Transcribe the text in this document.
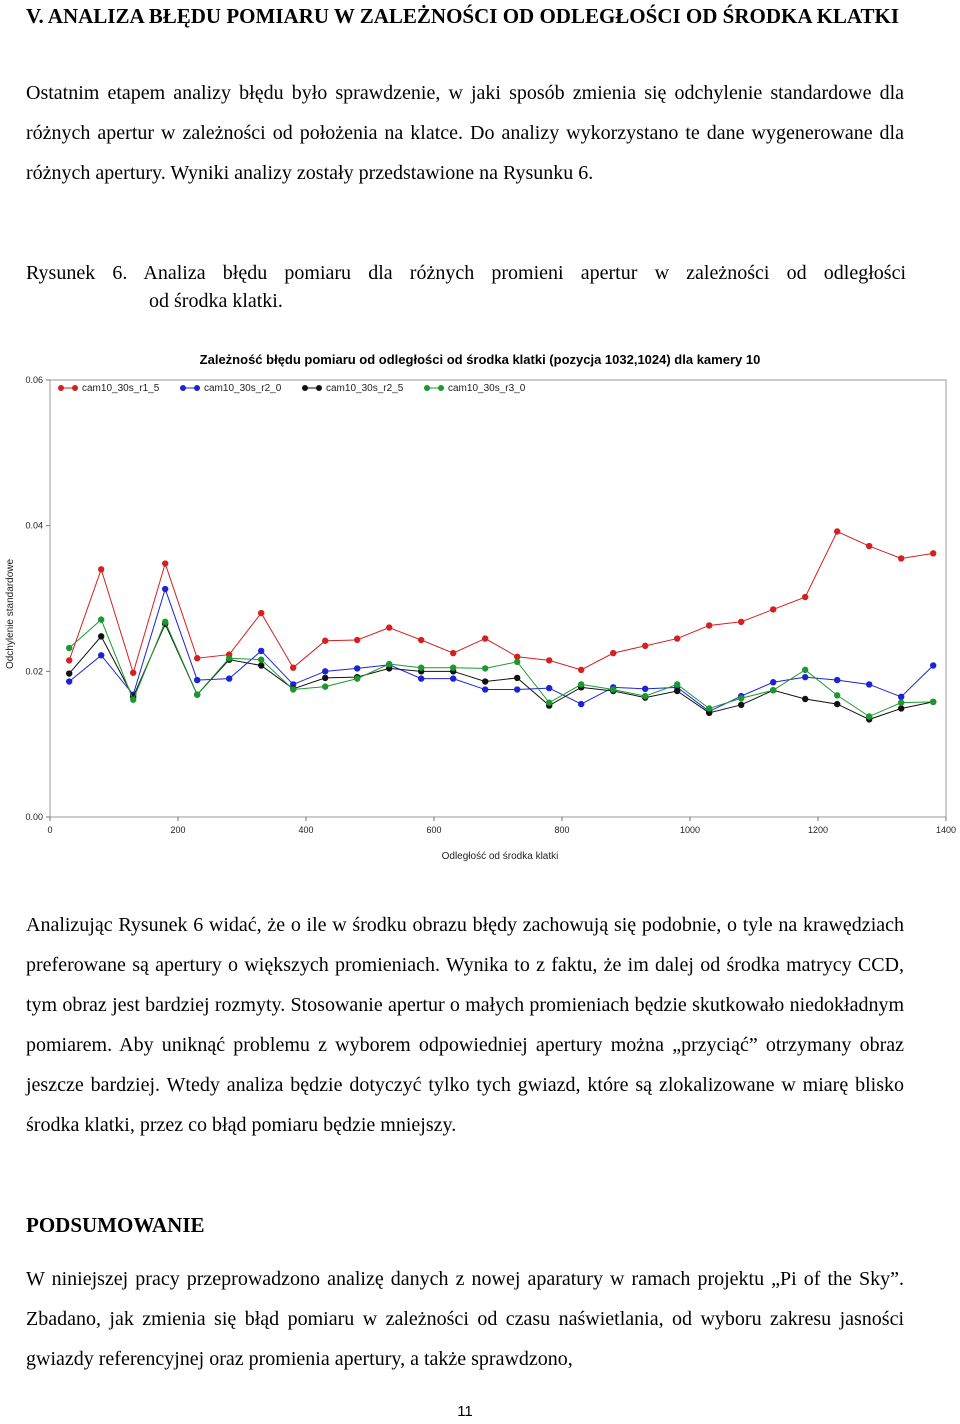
V. ANALIZA BŁĘDU POMIARU W ZALEŻNOŚCI OD ODLEGŁOŚCI OD ŚRODKA KLATKI
Ostatnim etapem analizy błędu było sprawdzenie, w jaki sposób zmienia się odchylenie standardowe dla różnych apertur w zależności od położenia na klatce. Do analizy wykorzystano te dane wygenerowane dla różnych apertury. Wyniki analizy zostały przedstawione na Rysunku 6.
Rysunek 6. Analiza błędu pomiaru dla różnych promieni apertur w zależności od odległości
od środka klatki.
Zależność błędu pomiaru od odległości od środka klatki (pozycja 1032,1024) dla kamery 10
0	200	400	600	800	1000	1200	1400
0.00
0.02
0.04
0.06
cam10_30s_r1_5	cam10_30s_r2_0	cam10_30s_r2_5	cam10_30s_r3_0
Odległość od środka klatki
Odchylenie standardowe
Analizując Rysunek 6 widać, że o ile w środku obrazu błędy zachowują się podobnie, o tyle na krawędziach preferowane są apertury o większych promieniach. Wynika to z faktu, że im dalej od środka matrycy CCD, tym obraz jest bardziej rozmyty. Stosowanie apertur o małych promieniach będzie skutkowało niedokładnym pomiarem. Aby uniknąć problemu z wyborem odpowiedniej apertury można „przyciąć” otrzymany obraz jeszcze bardziej. Wtedy analiza będzie dotyczyć tylko tych gwiazd, które są zlokalizowane w miarę blisko środka klatki, przez co błąd pomiaru będzie mniejszy.
PODSUMOWANIE
W niniejszej pracy przeprowadzono analizę danych z nowej aparatury w ramach projektu „Pi of the Sky”. Zbadano, jak zmienia się błąd pomiaru w zależności od czasu naświetlania, od wyboru zakresu jasności gwiazdy referencyjnej oraz promienia apertury, a także sprawdzono,
11
